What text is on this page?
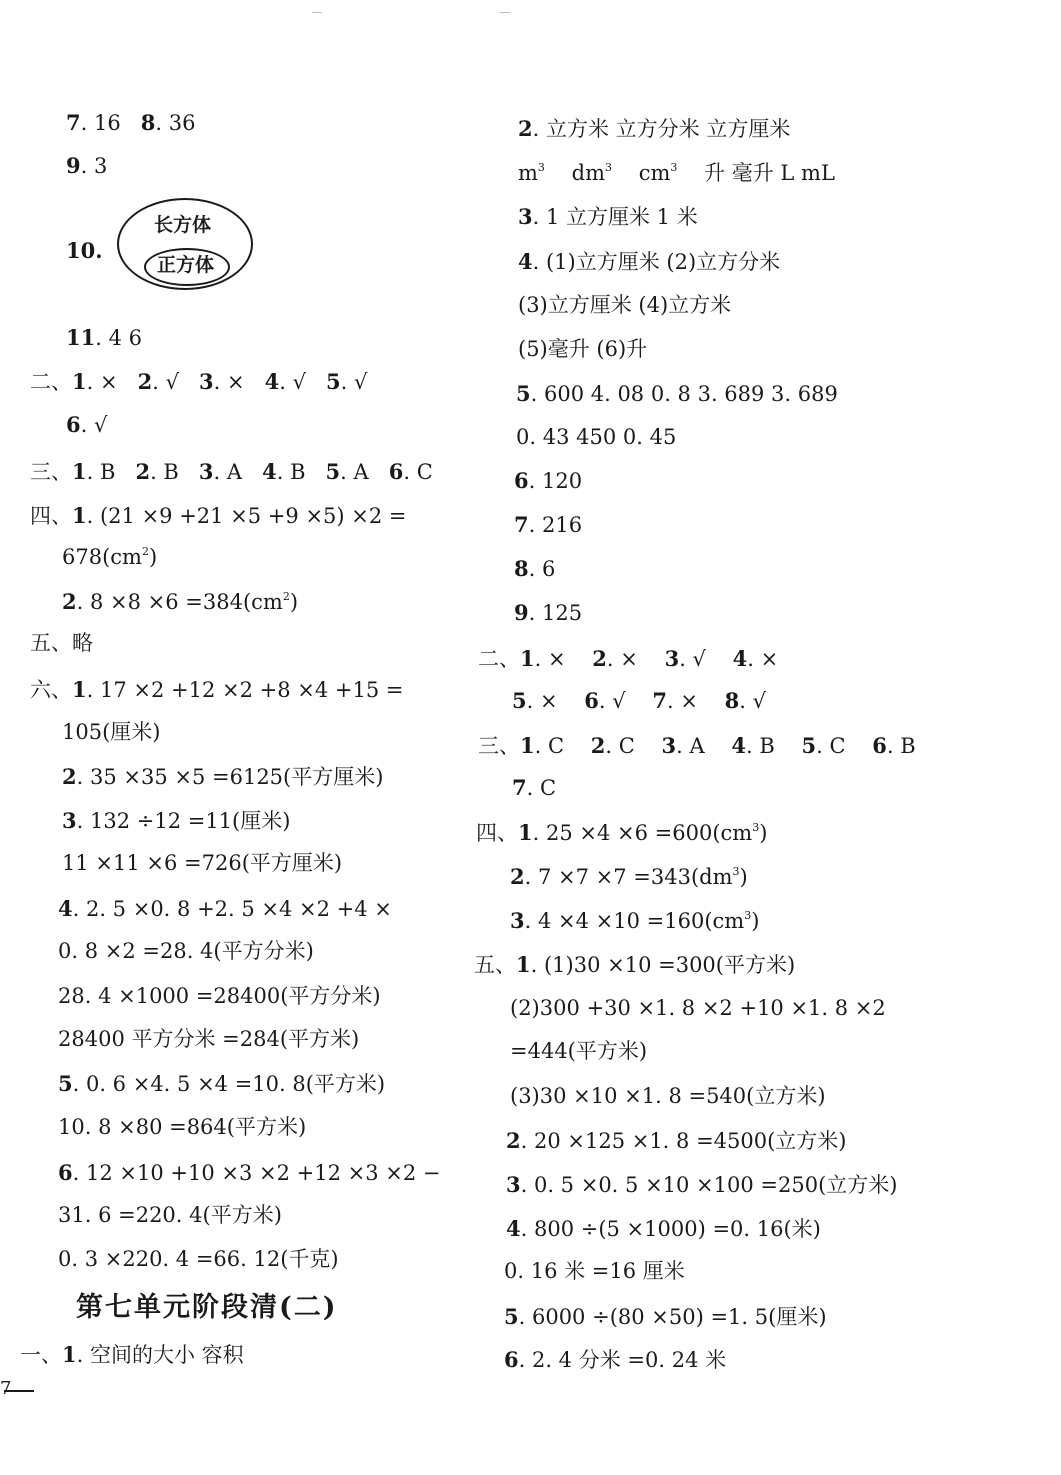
7. 16 8. 36
9. 3
10.
长方体
正方体
11. 4 6
二、1. × 2. √ 3. × 4. √ 5. √
6. √
三、1. B 2. B 3. A 4. B 5. A 6. C
四、1. (21 ×9 +21 ×5 +9 ×5) ×2 =
$678(cm^2)$
2. $8 \times 8 \times 6 =384(cm^2)$
五、略
六、1. 17 ×2 +12 ×2 +8 ×4 +15 =
105(厘米)
2. 35 ×35 ×5 =6125(平方厘米)
3. 132 ÷12 =11(厘米)
11 ×11 ×6 =726(平方厘米)
4. 2. 5 ×0. 8 +2. 5 ×4 ×2 +4 ×
0. 8 ×2 =28. 4(平方分米)
28. 4 ×1000 =28400(平方分米)
28400 平方分米 =284(平方米)
5. 0. 6 ×4. 5 ×4 =10. 8(平方米)
10. 8 ×80 =864(平方米)
6. 12 ×10 +10 ×3 ×2 +12 ×3 ×2 −
31. 6 =220. 4(平方米)
0. 3 ×220. 4 =66. 12(千克)
第七单元阶段清(二)
一、1. 空间的大小 容积
7
2. 立方米 立方分米 立方厘米
$m^3$ $dm^3$ $cm^3$ 升 毫升 L mL
3. 1 立方厘米 1 米
4. (1)立方厘米 (2)立方分米
(3)立方厘米 (4)立方米
(5)毫升 (6)升
5. 600 4. 08 0. 8 3. 689 3. 689
0. 43 450 0. 45
6. 120
7. 216
8. 6
9. 125
二、1. × 2. × 3. √ 4. ×
5. × 6. √ 7. × 8. √
三、1. C 2. C 3. A 4. B 5. C 6. B
7. C
四、1. $25 \times 4 \times 6 =600(cm^3)$
2. $7 \times 7 \times 7 =343(dm^3)$
3. $4 \times 4 \times 10 =160(cm^3)$
五、1. (1)30 ×10 =300(平方米)
(2)300 +30 ×1. 8 ×2 +10 ×1. 8 ×2
=444(平方米)
(3)30 ×10 ×1. 8 =540(立方米)
2. 20 ×125 ×1. 8 =4500(立方米)
3. 0. 5 ×0. 5 ×10 ×100 =250(立方米)
4. 800 ÷(5 ×1000) =0. 16(米)
0. 16 米 =16 厘米
5. 6000 ÷(80 ×50) =1. 5(厘米)
6. 2. 4 分米 =0. 24 米
